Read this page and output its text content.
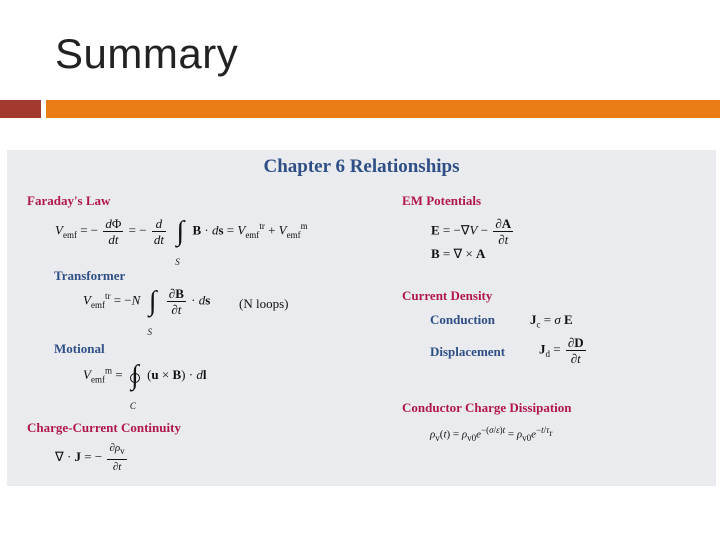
Summary
Chapter 6 Relationships
Faraday's Law
$V_{emf}$ = − $\frac{d\Phi}{dt}$ = − $\frac{d}{dt}$ ∫
S
B · ds = $V_{emf}^{tr} + V_{emf}^m$
Transformer
$V_{emf}^{tr} = -N$ ∫
S

$\frac{\partial B}{\partial t}$ · ds (N loops)
Motional
$V_{emf}^m$ = ∫
C
(u × B) · dl
Charge-Current Continuity
∇ · J = − $\frac{\partial\rho_v}{\partial t}$
EM Potentials
$E = -\nabla V - \frac{\partial A}{\partial t}$
B = ∇ × A
Current Density
Conduction	$J_c = \sigma$ E
Displacement	$J_d = \frac{\partial D}{\partial t}$
Conductor Charge Dissipation
$\rho_v(t) = \rho_{v0}e^{-(\sigma/\varepsilon)t} = \rho_{v0}e^{-t/\tau_r}$
